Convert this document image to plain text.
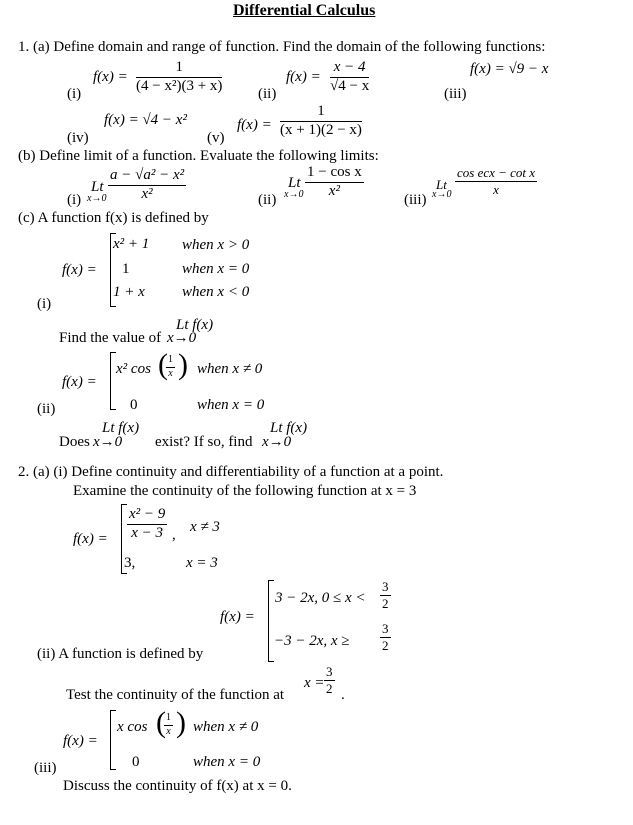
Differential Calculus
1. (a) Define domain and range of function. Find the domain of the following functions:
(i)
$f(x) = \frac{1}{\text{(4 − x²)(3 + x)}} (ii)$
$f(x) = \frac{x - 4}{√4 - x}$	(iii)
f(x) = √9 − x
(iv)
f(x) = √4 − x²
(v)
$f(x) = \frac{1}{(x + 1)(2 - x)}$
(b) Define limit of a function. Evaluate the following limits:
(i)
Lt
$x\to 0 \frac{\text{a − √a² − x²}}{\text{x²}}$	(ii)
Lt
$x\to 0 \frac{\text{1 − cos x}}{\text{x²}}$
(iii)
Lt
x→0
cos ecx − cot x
x
(c) A function f(x) is defined by
(i)
f(x) =
x² + 1 when x > 0
1	when x = 0
1 + x when x < 0
Find the value of
Lt f(x)
x→0
(ii)
f(x) =
x² cos (
$\frac{1}{x}$ ) when x ≠ 0
0	when x = 0
Does
Lt f(x)
x→0 exist? If so, find
Lt f(x)
x→0
2. (a) (i) Define continuity and differentiability of a function at a point.
Examine the continuity of the following function at x = 3
$f(x) = \frac{\text{x² − 9}}{x - 3}$ , x ≠ 3
3,	x = 3
f(x) =
3 − 2x, $0 \le x < \frac{3}{2}$
−3 − 2x, $x \ge \frac{3}{2}$
(ii) A function is defined by
Test the continuity of the function at
$x = \frac{3}{2}$ .
(iii)
f(x) =
x cos (
$\frac{1}{x}$ ) when x ≠ 0
0	when x = 0
Discuss the continuity of f(x) at x = 0.
